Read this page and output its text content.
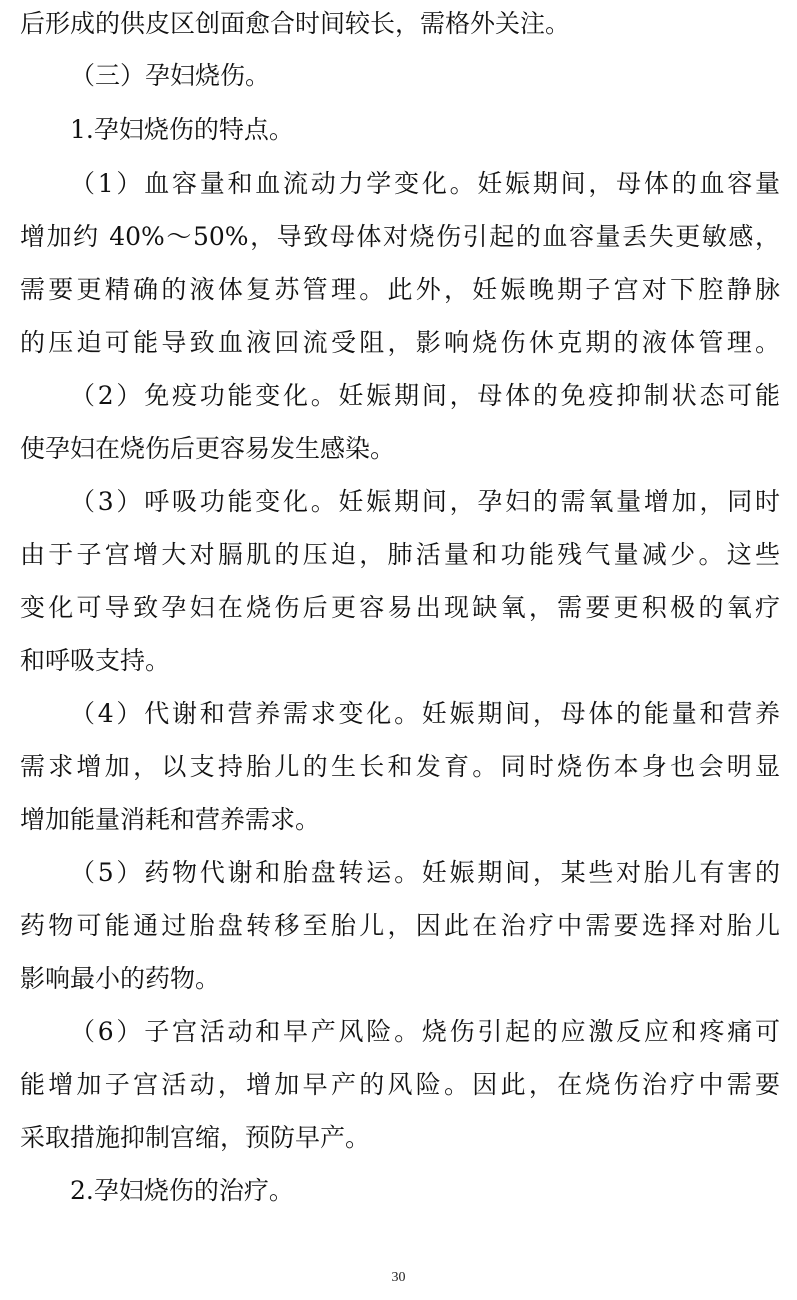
后形成的供皮区创面愈合时间较长，需格外关注。
（三）孕妇烧伤。
1.孕妇烧伤的特点。
（1）血容量和血流动力学变化。妊娠期间，母体的血容量
增加约 40%～50%，导致母体对烧伤引起的血容量丢失更敏感，
需要更精确的液体复苏管理。此外，妊娠晚期子宫对下腔静脉
的压迫可能导致血液回流受阻，影响烧伤休克期的液体管理。
（2）免疫功能变化。妊娠期间，母体的免疫抑制状态可能
使孕妇在烧伤后更容易发生感染。
（3）呼吸功能变化。妊娠期间，孕妇的需氧量增加，同时
由于子宫增大对膈肌的压迫，肺活量和功能残气量减少。这些
变化可导致孕妇在烧伤后更容易出现缺氧，需要更积极的氧疗
和呼吸支持。
（4）代谢和营养需求变化。妊娠期间，母体的能量和营养
需求增加，以支持胎儿的生长和发育。同时烧伤本身也会明显
增加能量消耗和营养需求。
（5）药物代谢和胎盘转运。妊娠期间，某些对胎儿有害的
药物可能通过胎盘转移至胎儿，因此在治疗中需要选择对胎儿
影响最小的药物。
（6）子宫活动和早产风险。烧伤引起的应激反应和疼痛可
能增加子宫活动，增加早产的风险。因此，在烧伤治疗中需要
采取措施抑制宫缩，预防早产。
2.孕妇烧伤的治疗。
30
